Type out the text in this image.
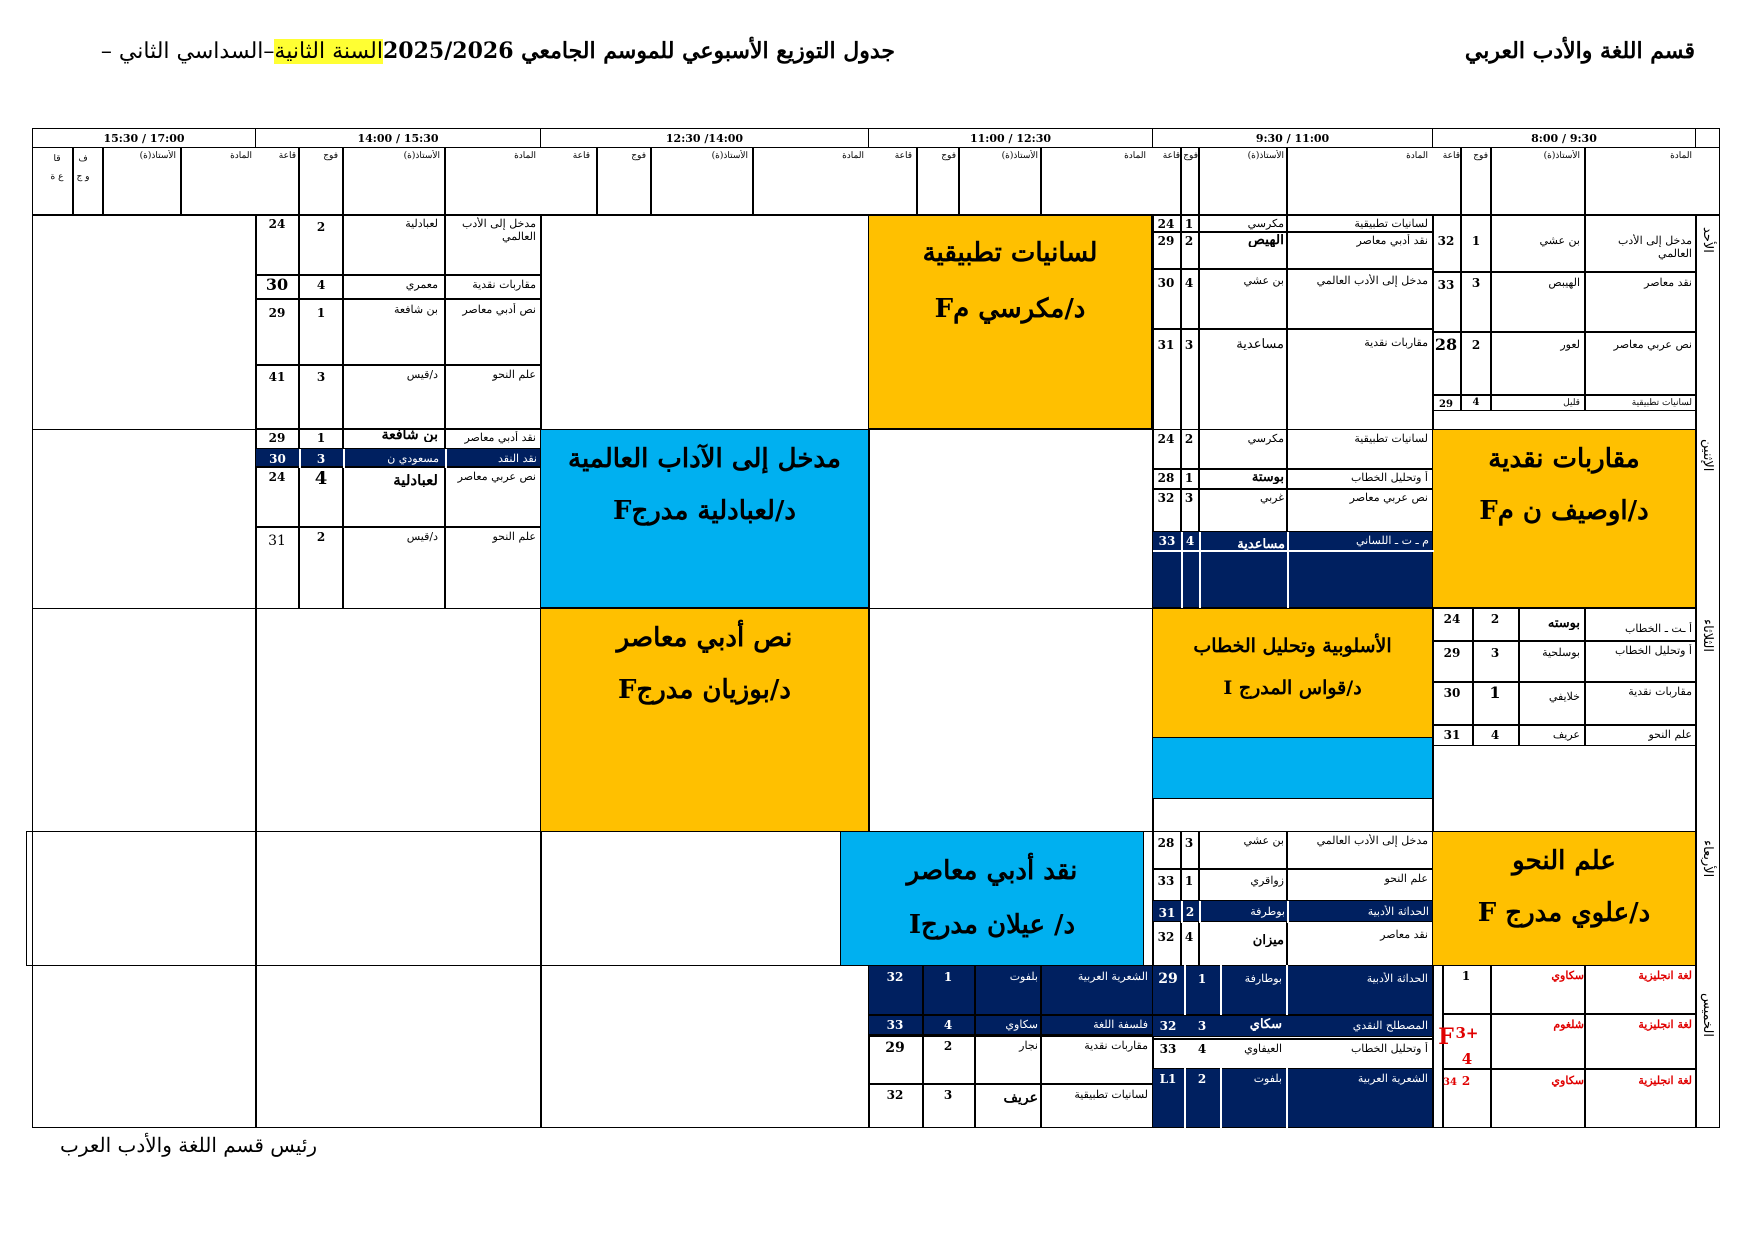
قسم اللغة والأدب العربي
جدول التوزيع الأسبوعي للموسم الجامعي 2025/2026السنة الثانية–السداسي الثاني –
8:00 / 9:30
9:30 / 11:00
11:00 / 12:30
12:30 /14:00
14:00 / 15:30
15:30 / 17:00
المادة
الأستاذ(ة)
فوج
قاعة
المادة
الأستاذ(ة)
فوج
قاعة
المادة
الأستاذ(ة)
فوج
قاعة
المادة
الأستاذ(ة)
فوج
قاعة
المادة
الأستاذ(ة)
فوج
قاعة
المادة
الأستاذ(ة)
ف و ج
قا ع ة
الأحد
الإثنين
الثلاثاء
الأربعاء
الخميس
مدخل إلى الأدب العالمي
بن عشي
1
32
نقد معاصر
الهيبص
3
33
نص عربي معاصر
لعور
2
28
لسانيات تطبيقية
قليل
4
29
لسانيات تطبيقية
مكرسي
1
24
نقد أدبي معاصر
الهيص
2
29
مدخل إلى الأدب العالمي
بن عشي
4
30
مقاربات نقدية
مساعدية
3
31
لسانيات تطبيقية
د/مكرسي مF
مدخل إلى الأدب العالمي
لعبادلية
2
24
مقاربات نقدية
معمري
4
30
نص أدبي معاصر
بن شافعة
1
29
علم النحو
د/قيس
3
41
مقاربات نقدية
د/اوصيف ن مF
م ـ ت ـ اللساني
مساعدية
4
33
لسانيات تطبيقية
مكرسي
2
24
أ وتحليل الخطاب
بوستة
1
28
نص عربي معاصر
غربي
3
32
مدخل إلى الآداب العالمية
د/لعبادلية مدرجF
نقد النقد
مسعودي ن
3
30
نقد أدبي معاصر
بن شافعة
1
29
نص عربي معاصر
لعبادلية
4
24
علم النحو
د/قيس
2
31
أ ـت ـ الخطاب
بوسته
2
24
أ وتحليل الخطاب
بوسلحية
3
29
مقاربات نقدية
خلايفي
1
30
علم النحو
عريف
4
31
الأسلوبية وتحليل الخطاب
د/قواس المدرج I
نص أدبي معاصر
د/بوزيان مدرجF
علم النحو
د/علوي مدرج F
الحداثة الأدبية
بوطرفة
2
31
مدخل إلى الأدب العالمي
بن عشي
3
28
علم النحو
زواقري
1
33
نقد معاصر
ميزان
4
32
نقد أدبي معاصر
د/ عيلان مدرجI
لغة انجليزية
سكاوي
1
لغة انجليزية
شلغوم
3+ 4
F
لغة انجليزية
سكاوي
2
34
الحداثة الأدبية
بوطارفة
1
29
المصطلح النقدي
سكاي
3
32
أ وتحليل الخطاب
العيفاوي
4
33
الشعرية العربية
بلفوت
2
L1
الشعرية العربية
بلفوت
1
32
فلسفة اللغة
سكاوي
4
33
مقاربات نقدية
نجار
2
29
لسانيات تطبيقية
عريف
3
32
رئيس قسم اللغة والأدب العرب
